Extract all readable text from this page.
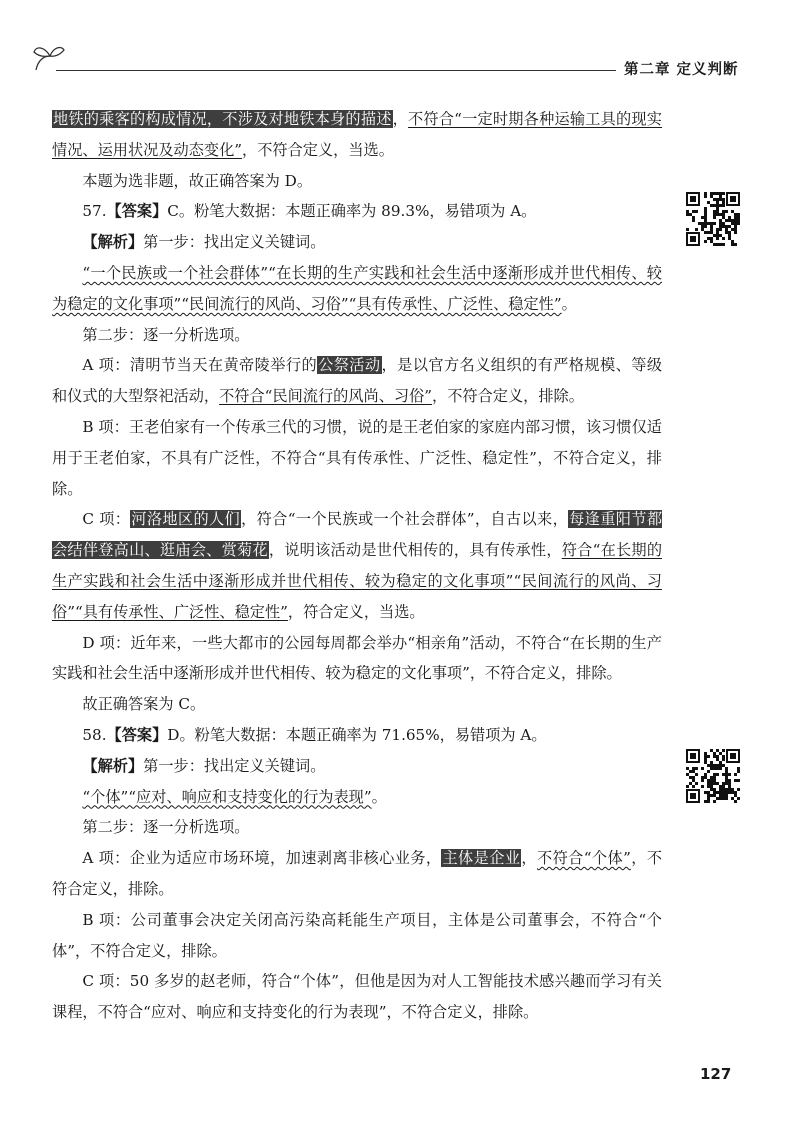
第二章 定义判断

地铁的乘客的构成情况，不涉及对地铁本身的描述，不符合“一定时期各种运输工具的现实情况、运用状况及动态变化”，不符合定义，当选。

本题为选非题，故正确答案为 D。

57.【答案】C。粉笔大数据：本题正确率为 89.3%，易错项为 A。

【解析】第一步：找出定义关键词。

“一个民族或一个社会群体”“在长期的生产实践和社会生活中逐渐形成并世代相传、较为稳定的文化事项”“民间流行的风尚、习俗”“具有传承性、广泛性、稳定性”。

第二步：逐一分析选项。

A 项：清明节当天在黄帝陵举行的公祭活动，是以官方名义组织的有严格规模、等级和仪式的大型祭祀活动，不符合“民间流行的风尚、习俗”，不符合定义，排除。

B 项：王老伯家有一个传承三代的习惯，说的是王老伯家的家庭内部习惯，该习惯仅适用于王老伯家，不具有广泛性，不符合“具有传承性、广泛性、稳定性”，不符合定义，排除。

C 项：河洛地区的人们，符合“一个民族或一个社会群体”，自古以来，每逢重阳节都会结伴登高山、逛庙会、赏菊花，说明该活动是世代相传的，具有传承性，符合“在长期的生产实践和社会生活中逐渐形成并世代相传、较为稳定的文化事项”“民间流行的风尚、习俗”“具有传承性、广泛性、稳定性”，符合定义，当选。

D 项：近年来，一些大都市的公园每周都会举办“相亲角”活动，不符合“在长期的生产实践和社会生活中逐渐形成并世代相传、较为稳定的文化事项”，不符合定义，排除。

故正确答案为 C。

58.【答案】D。粉笔大数据：本题正确率为 71.65%，易错项为 A。

【解析】第一步：找出定义关键词。

“个体”“应对、响应和支持变化的行为表现”。

第二步：逐一分析选项。

A 项：企业为适应市场环境，加速剥离非核心业务，主体是企业，不符合“个体”，不符合定义，排除。

B 项：公司董事会决定关闭高污染高耗能生产项目，主体是公司董事会，不符合“个体”，不符合定义，排除。

C 项：50 多岁的赵老师，符合“个体”，但他是因为对人工智能技术感兴趣而学习有关课程，不符合“应对、响应和支持变化的行为表现”，不符合定义，排除。

127
